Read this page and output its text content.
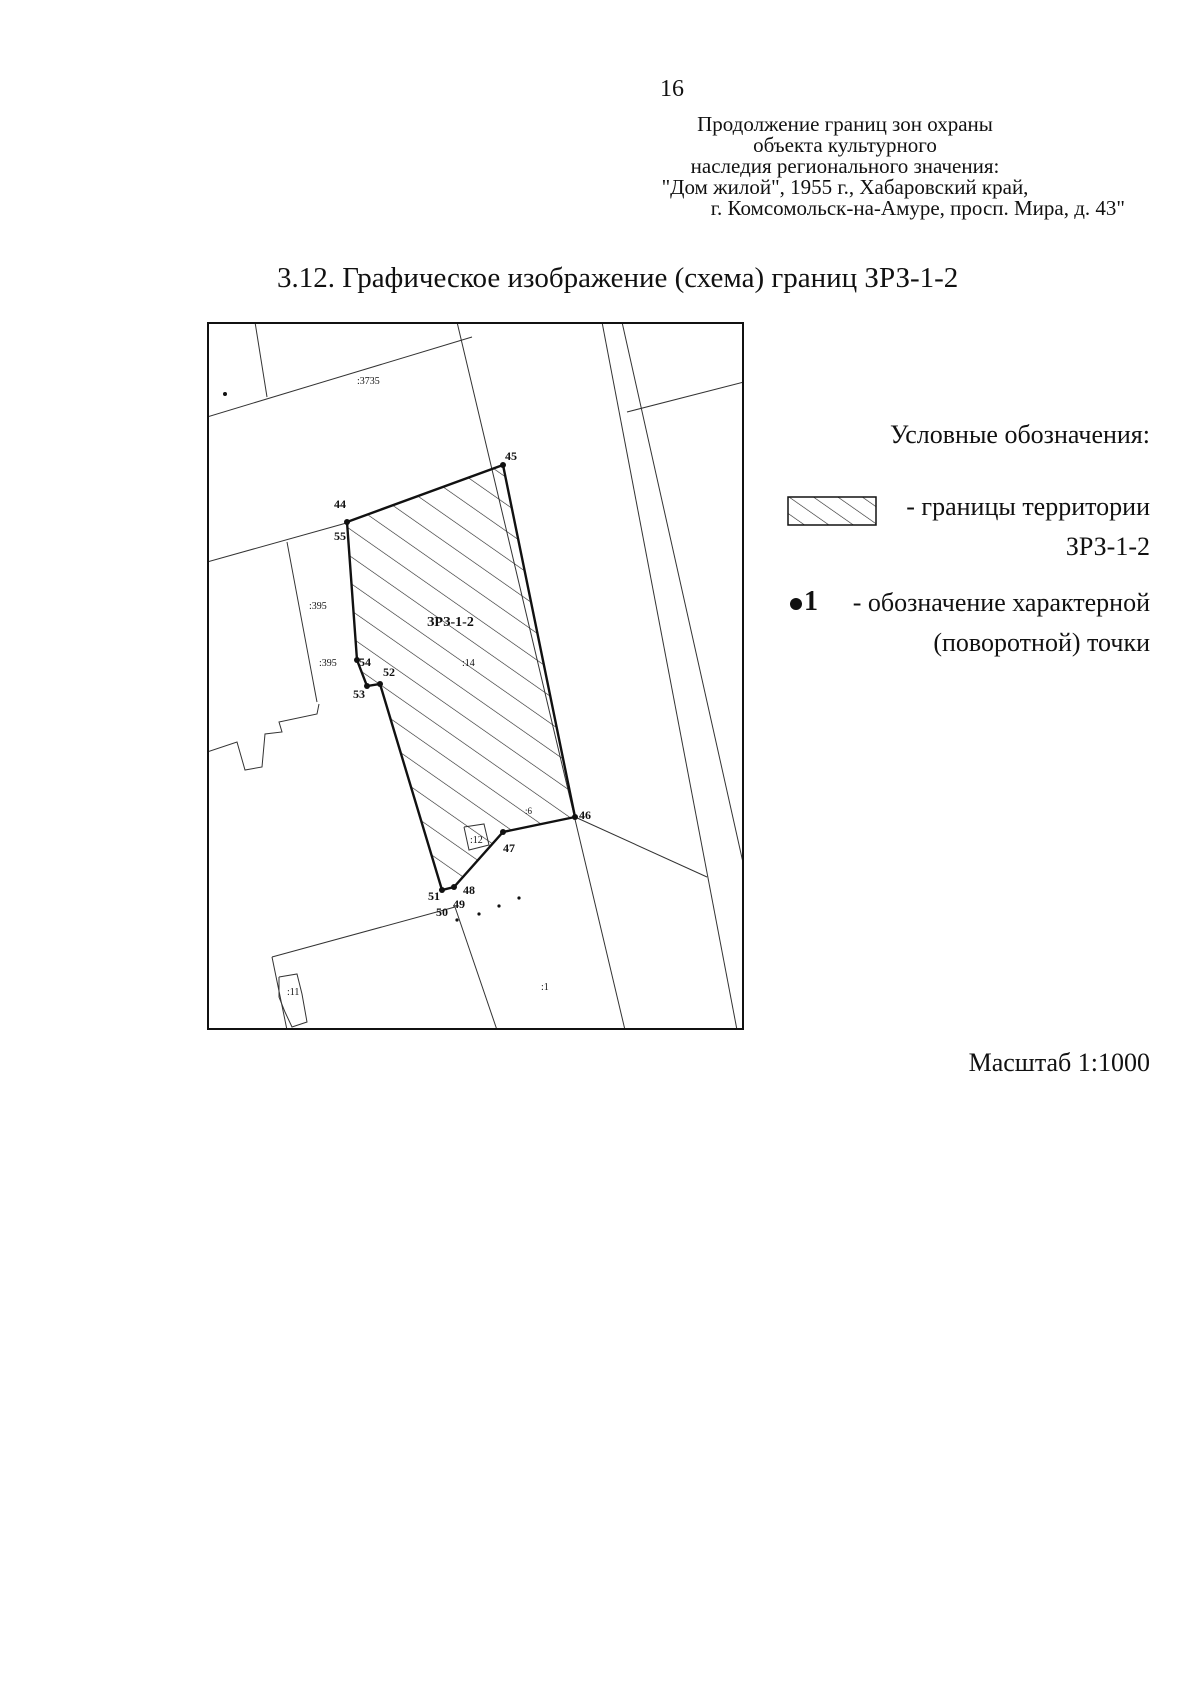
16
Продолжение границ зон охраны
объекта культурного
наследия регионального значения:
"Дом жилой", 1955 г., Хабаровский край,
г. Комсомольск-на-Амуре, просп. Мира, д. 43"
3.12. Графическое изображение (схема) границ ЗРЗ-1-2
ЗРЗ-1-2
:3735
:395
:395	:14
:12
:6
:1
:11
44
45
46
47
48
49
50
51
52
53
54
55
Условные обозначения:
- границы территории
ЗРЗ-1-2
1 - обозначение характерной
(поворотной) точки
Масштаб 1:1000
